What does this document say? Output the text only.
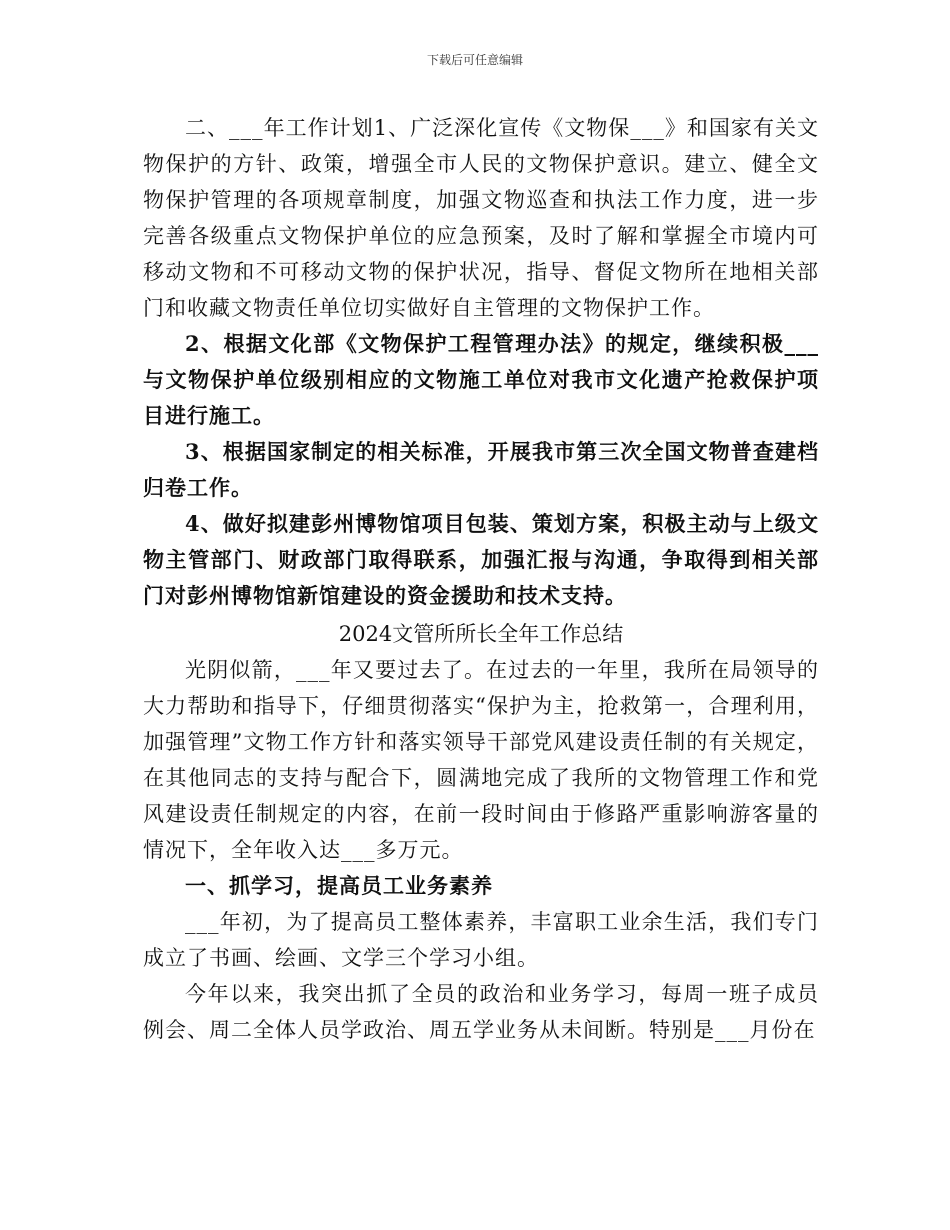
下载后可任意编辑

二、___年工作计划1、广泛深化宣传《文物保___》和国家有关文物保护的方针、政策，增强全市人民的文物保护意识。建立、健全文物保护管理的各项规章制度，加强文物巡查和执法工作力度，进一步完善各级重点文物保护单位的应急预案，及时了解和掌握全市境内可移动文物和不可移动文物的保护状况，指导、督促文物所在地相关部门和收藏文物责任单位切实做好自主管理的文物保护工作。

2、根据文化部《文物保护工程管理办法》的规定，继续积极___与文物保护单位级别相应的文物施工单位对我市文化遗产抢救保护项目进行施工。

3、根据国家制定的相关标准，开展我市第三次全国文物普查建档归卷工作。

4、做好拟建彭州博物馆项目包装、策划方案，积极主动与上级文物主管部门、财政部门取得联系，加强汇报与沟通，争取得到相关部门对彭州博物馆新馆建设的资金援助和技术支持。

2024文管所所长全年工作总结

光阴似箭，___年又要过去了。在过去的一年里，我所在局领导的大力帮助和指导下，仔细贯彻落实“保护为主，抢救第一，合理利用，加强管理”文物工作方针和落实领导干部党风建设责任制的有关规定，在其他同志的支持与配合下，圆满地完成了我所的文物管理工作和党风建设责任制规定的内容，在前一段时间由于修路严重影响游客量的情况下，全年收入达___多万元。

一、抓学习，提高员工业务素养

___年初，为了提高员工整体素养，丰富职工业余生活，我们专门成立了书画、绘画、文学三个学习小组。

今年以来，我突出抓了全员的政治和业务学习，每周一班子成员例会、周二全体人员学政治、周五学业务从未间断。特别是___月份在
